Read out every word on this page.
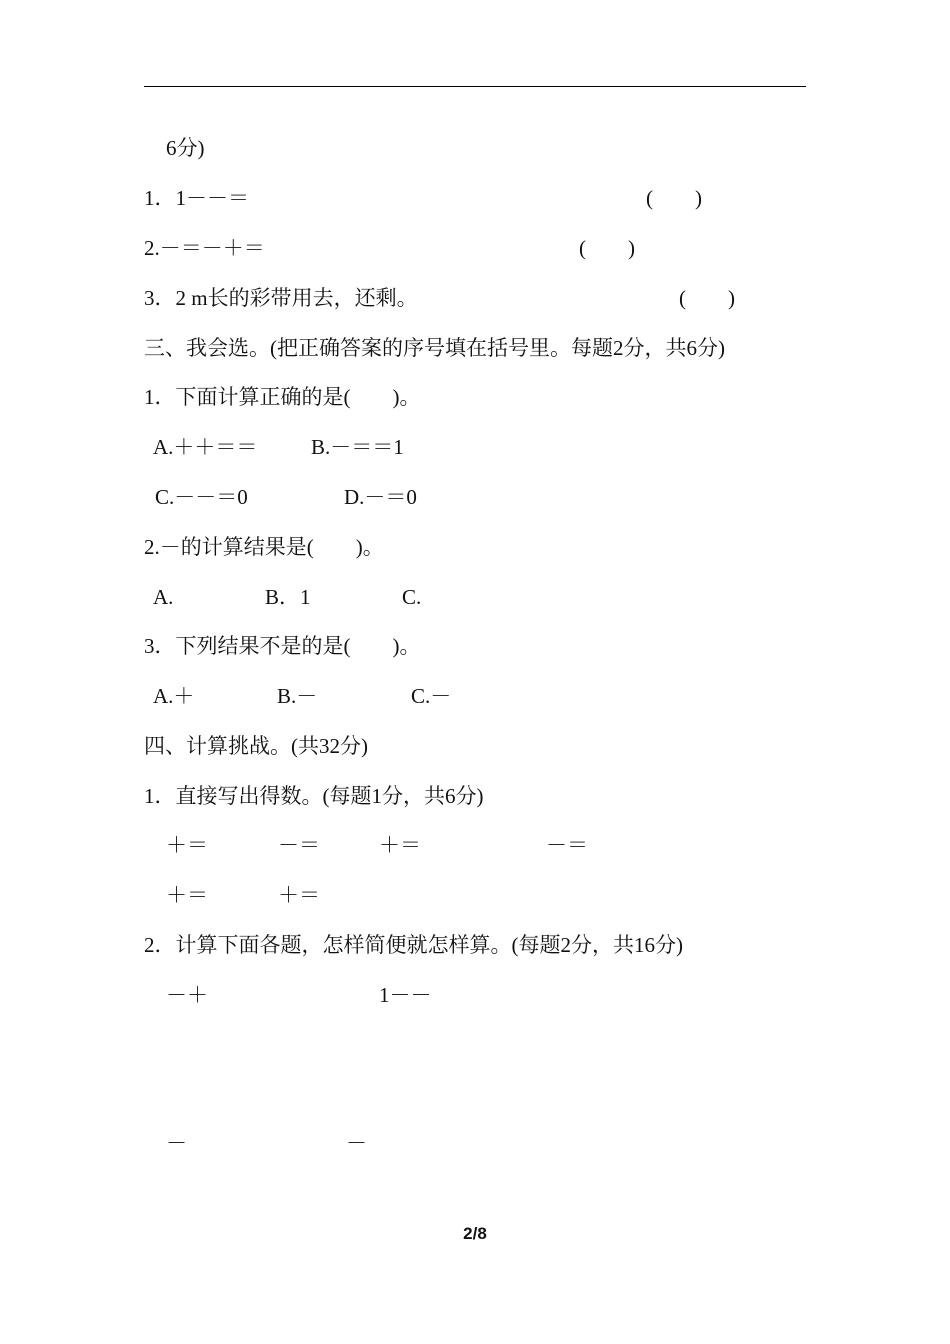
6分)
1．1－－＝	(　　)
2.－＝－＋＝	(　　)
3．2 m长的彩带用去，还剩。	(　　)
三、我会选。(把正确答案的序号填在括号里。每题2分，共6分)
1．下面计算正确的是(　　)。
A.＋＋＝＝	B.－＝＝1
C.－－＝0	D.－＝0
2.－的计算结果是(　　)。
A.	B．1	C.
3．下列结果不是的是(　　)。
A.＋	B.－	C.－
四、计算挑战。(共32分)
1．直接写出得数。(每题1分，共6分)
＋＝	－＝	＋＝	－＝
＋＝	＋＝
2．计算下面各题，怎样简便就怎样算。(每题2分，共16分)
－＋	1－－
－	－
2/8
